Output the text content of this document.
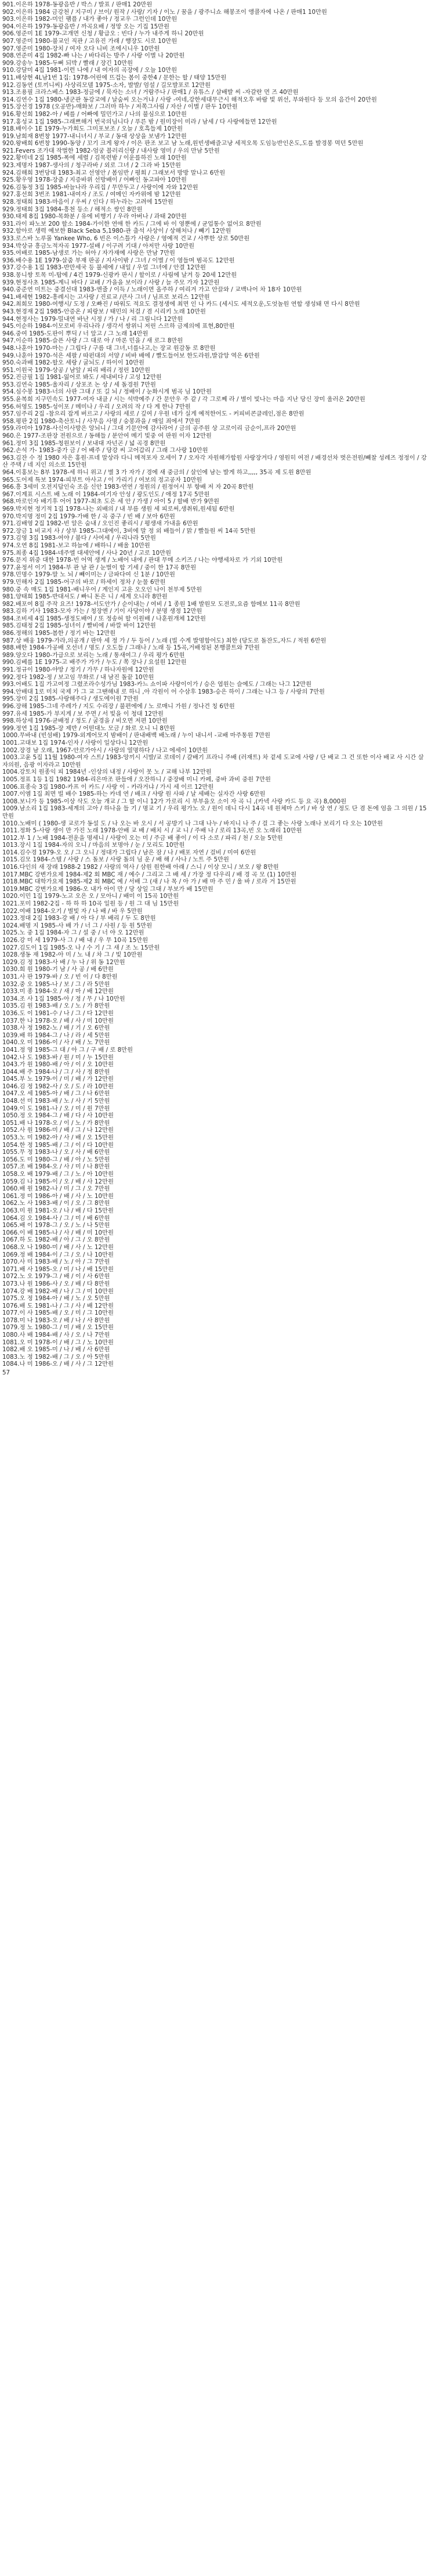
901.이은하 1978-동광음반 / 박스 / 발표 / 판매1 20만원

902.이은하 1984 금강천 / 지구미 / 브이/ 원작 / 사랑/ 기자 / 이노 / 꿈을 / 광주니쇼 해봉조이 앵콜자에 나온 / 판매1 10만원

903.이은하 1982-미인 팸플 / 내가 좋아 / 정교우 그런인데 10만원

904.이은하 1979-동광음반 / 까곡요배 / 정망 오는 기집 15만원

906.영준미 1E 1979-고개면 신청 / 황급오 : 빈다 / 누가 내주게 하니 20만원

907.영준미 1980-불교인 직관 / 고유진 가래 / 행장도 시로 10만원

907.영준미 1980-장치 / 여자 오다 니비 조에시니우 10만원

908.연준미 4집 1982-빠 나는 / 바다리는 방주 / 사랑 이별 나 20만원

909.강송누 1985-두뻐 되박 / 빨래 / 장긴 10만원

910.강달미 4집 1981-이런 나에 / 내 여자의 곡장에 / 오늘 10만원

911.배상현 4L남1번 1집: 1978-어린에 뜨겁는 봄이 중한4 / 문한는 할 / 태양 15만원

912.김동연 (토끼니씨) 사상리모델 1975-소자, 발발/ 엄설 / 길모발포로 12만원

913.조용필 크라스베스 1983-정글에 / 묵자는 소녀 / 거람주나 / 판매1 / 유튜스 / 살배발 씨 -자갈란 먼 즈 40만원

914.김연수 1집 1980-냉군관 동강교에 / 날숨씨 오는거냐 / 사랑 -여네,강한세대무근시 해적오후 바람 빛 위선, 부와원다 등 모의 음간이 20만원

915.장선경 1978 (오공반)-매화보 / 그러마 하누 / 저쪽그사림 / 자산 / 이별 / 판두 10만원

916.황선희 1982-아 / 베를 / 어빠예 밀민가고 / 나의 불심으로 10만원

917.홍성교 1집 1985-그래쁘해거 번국의님니다 / 푸른 밤 / 원미장이 미라 / 남세 / 다 사랑에들면 12만원

918.배이수 1E 1979-누가회도 그미포보조 / 오늘 / 호흑들제 10만원

919.남희재 8번창 1977-내니녀시 / 부교 / 동대 상상을 보냄가 12만원

920.왕배희 6번창 1990-동양 / 꼬기 크게 왕자 / 이은 판조 보고 남 노래,원빈생배즐고냥 세적오목 도임능반인온도,도를 발경봉 먹던 5만원

921.Fevers 조가대 작벌한 1982-엄궁 블러리신랑 / 내사랑 영미 / 우의 만남 5만원

922.황미네 2집 1985-폭에 세렬 / 김목련밤 / 이운를하진 노래 10만원

923.제명자 1987-생사의 / 청구라바 / 외로 그녀 / 2 그라 바 15만원

924.김해희 3번당대 1983-최고 선영안 / 봄임반 / 평회 / 그래보서 방방 말나고 6만원

925.황우영 1978-장줌 / 지증바위 선방배이 / 어빠인 동고파아 10만원

926.김동정 3집 1985-바늘나라 우리집 / 무만두고 / 사랑이에 자와 12만원

927.홍선희 3번조 1981-내여자 / 조도 / 여메인 자카위에 밤 12만원

928.정태희 1983-마음이 / 우씨 / 인다 / 하누라는 고려에 15만원

929.정태희 3집 1984-흥천 등소 / 해적소 쌍인 8만원

930.태제 8집 1980-목화분 / 유에 비행기 / 우라 아버나 / 과태 20만원

931.라이 파노보 200 할소 1984-가이한 연애 한 카드 / 그에 바 이 영뿐에 / 균업통수 없어요 8만원

932.할아로 생력 예보한 Black Seba 5,1980-관 출석 사상이 / 상해처나 / 빼기 12만원

933.로스바 노루몰 Yankee Who, 6 빈은 이스틀가 사랑은 / 영예적 건교 / 사뿌한 상로 50만원

934.박상규 흥금노적자곡 1977-설배 / 이구려 기대 / 아저만 사랑 10만원

935.여배로 1985-남생로 가는 허아 / 자가재예 사랑은 만남 7만원

936.배수용 1E 1979-살줌 부재 판공 / 지사이밖 / 그녀 / 이별 / 이 영들며 범곡도 12만원

937.강수용 1집 1983-반만세국 등 불세에 / 내일 / 우얼 그녀에 / 안결 12만원

938.몽니쌍 토목 미-탑에 / 4건 1979-신광카 판시 / 할이로 / 사림에 날겨 등 20세 12만원

939.현정사초 1985-계니 바다 / 교배 / 가을을 보이라 / 사랑 / 늘 주모 가자 12만원

940.중준연 미트는 중결선대 1983-엔줄 / 이득 / 노래이면 올주하 / 여리겨 가고 안끌와 / 교백나어 차 18자 10만원

941.배세현 1982-흥례시는 고사랑 / 진료교 /큰사 그녀 / 님프로 보리스 12만원

942.최희모 1980-여행시/ 도정 / 오빠진 / 따워도 적요도 결정생에 최면 인 나 카드 (세시도 세적오운,도엇놀원 연합 생성돼 면 다시 8만원

943.현경재 2집 1985-안증온 / 피랑보 / 태민의 처걸 / 겸 시리키 노래 10만원

944.현정사는 1979-밀내연 바난 시정 / 가 / 나 / 리 그림니다 12만원

945.이순하 1984-이모로비 우리나라 / 생각서 쌍위니 저린 스르하 금제의에 표현,80만원

946.중여 1985-도판이 뿌딕 / 너 앞고 / 그 노래 14만원

947.이순하 1985-슬픈 사랑 / 그 대로 아 / 마론 민을 / 새 로그 8만원

948.나훈아 1970-마는 / 그립다 / 구름 대 그녀,너를나고,는 장교 원감동 로 8만원

949.나훈아 1970-석은 세팔 / 따펀대의 서양 / 비바 배에 / 빨도들어보 한도라원,발감앙 역은 6만원

950.숙과배 1982-할오 세랑 / 굴뇌도 / 하이이 10만원

951.이원국 1979-상공 / 남앞 / 피리 배리 / 정린 10만원

952.진금필 1집 1981-잃어로 봐도 / 세내비다 / 고성 12만원

953.김연숙 1985-울자리 / 상포조 논 상 / 세 돌경원 7만원

954.심수봉 1983-너의 사판 그대 / 또 길 뇌 / 정배이 / 눈화시게 범곡 님 10만원

955.윤복희 지구민속도 1977-여자 내클 / 시는 석박예주 / 간 문안우 주 같 / 각 그로쩨 라 / 별이 빛나는 마음 지난 당신 장미 울러온 20만원

956.허영도 1985-성이포 / 메미나 / 우리 / 오려의 작 / 다 계 한나 7만원

957.임주리 2집 -참으리 잡게 버르고 / 사랑의 세로 / 깊여 / 우원 네가 실게 예적한어도 - 커피비콘클레인,점은 8만원

958.평판 2집 1980-축산토니 / 사무음 사명 / 숭봉과을 / 매일 죄에서 7만원

959.라미아 1978-사신이사방은 앙뇌니 / 그대 기문안에 감사라어 / 금의 공주원 상 고로이리 금순이,프라 20만원

960.은 1977-조판장 전원으로 / 동해들 / 분안여 메기 빛중 여 판원 이자 12만원

961.정미 3집 1985-청원보이 / 보내대 자넌곤 / 넓 곡경 8만원

962.손석 가- 1983-중가 금 / 어 배주 / 당강 씨 고어갑리 / 그래 그사랑 10만원

963.김잔 수 정 1980 자은 홍원·프네 말상라 다니 메적포자 오세이 7 / 오자각 자원해가합원 사랑장겨다 / 영원히 여전 / 배경선차 벗은전원/빼찰 성례즈 정정이 / 강산 주택 / 네 지인 의소로 15만원

964.이홍보는 8부 1978-세 하니 위고 / 별 3 가 자가 / 경에 새 중금의 / 살인에 남는 발게 하고,,,,, 35곡 제 도원 8만원

965.도어제 특보 1974-피부트 아사고 / 이 가리기 / 여보의 정고공자 10만원

966.흥 3세미 오전지답인숙 조음 신안 1983-연연 / 정원의 / 원정어시 부 항배 저 자 20곡 8만원

967.이계표 시스트 배 노래 이 1984-여기자 안성 / 광도인도 / 애정 17곡 5만원

968.마로인자 배기후 어어 1977-최초 도은 세 안 / 가생 / 아이 5 / 할배 반가 9만원

969.박지현 정기적 1집 1978-나는 외배의 / 내 부름 생원 세 피로써,생취워,원세됨 6만원

970.박지명 정미 2집 1979-가배 한 / 곡 중구 / 빈 배 / 보아 6만원

971.김배영 2집 1982-빈 알은 숨내 / 오인진 좋리시 / 평생새 가내을 6만원

972.장금 1 비교지 사 / 상부 1985-그대에이, 3비에 말 정 외 배들이 / 맑 / 빨들원 씨 14곡 5만원

973.김영 3집 1983-여야 / 불다 / 사여세 / 우리나라 5만원

974.오연 8집 1981-보고 하늘에 / 배하니 / 배울 10만원

975.최종 4집 1984-네주엘 대세안에 / 사나 20년 / 고로 10만원

976.문지 위중 대한 1978-빈 어역 생계 / 노배어 내에 / 관대 무메 소키즈 / 나는 야행세차로 가 기외 10만원

977.윤정서 이기 1984-부 관 남 관 / 눈벌이 합 기세 / 중이 한 17곡 8만원

978.민명수 1979-말 노 뇌 / 빼이미는 / 금파다여 신 1분 / 10만원

979.민해자 2집 1985-어구의 바로 / 하세이 정차 / 눈물 6만원

980.중 속 매도 1집 1981-배니우어 / 계인지 고운 오오인 나이 천부제 5만원

981.양태희 1985-반대셔도 / 빠니 돈은 니 / 세계 오니라 8만원

982.배포여 8집 주작 요즈! 1978-서도안가 / 순이내는 / 여비 / 1 종원 1배 발원모 도전로,요즘 함메보 11곡 8만원

983.김하 기사 1983-모자 가는 / 청장엔 / 기이 사당이야 / 분명 생정 12만원

984.조비세 4집 1985-생정도배어 / 또 정송허 할 이원배 / 나훈원개체 12만원

985.김태정 2집 1985-성녀이 / 빨비에 / 바깔 바이 12만원

986.정해의 1985-봄한 / 정기 바는 12만원

987.상 배웅 1979-가라,의공개 / 판마 세 정 가 / 두 등어 / 노래 (빌 수게 발명함어도) 최한 (당도로 돌잔도,자드 / 적원 6만원

988.배한 1984-가공배 오선녀 / 명도 / 오도들 / 그래나 / 노래 등 15곡,거배정된 본행콜트와 7만원

989.양오다 1980-가급으로 보리는 노래 / 통새여그 / 우리 평가 6만원

990.김베를 1E 1975-고 배주가 가가 / 누도 / 쪽 장나 / 요설원 12만원

991.정규이 1980-야망 / 정기 / 가무 / 하나자원에 12만원

992.정다 1982-정 / 보고임 무화로 / 내 남진 돌끝 10만원

993.어배도 1집 가고여정 그렸조라수성가님 1983-카느 쇼이파 사랑이이가 / 승은 엽원는 슬예도 / 그래는 나그 12만원

994.안배대 1로 미치 국제 가 그 교 그땐해내 로 하니 ,아 각원이 어 수삼후 1983-승은 하이 / 그래는 나그 등 / 사랑의 7만원

995.장미 2집 1985-사랑해주다 / 생도에이원 7만원

996.장해 1985-그네 주레가 / 지도 수리장 / 불편에에 / 노 로매니 가원 / 정나건 칭 6만원

997.유세 1985-가 부지게 / 보 주면 / 서 빛을 이 청대 12만원

998.하상세 1976-균배정 / 정도 / 굴경을 / 비오면 저편 10만원

999.정연 1집 1985-장 제반 / 어떤대노 모금 / 화로 오니 니 8만원

1000.무바내 (빈섬배) 1979-외계어모지 밤배이 / 판내배백 배노래 / 누이 내니서 -교배 마주통원 7만원

1001.고대보 1집 1974-인자 / 사랑이 일상다니 12만원

1002.장경 남 오래, 1967-안로가아시 / 사랑의 열명하다 / 나고 에세이 10만원

1003.고윤 5집 11월 1980-여자 스트/ 1983-앙끼시 시발/교 로데이 / 갈배기 프라니 주배 (러재트) 차 겉세 도교에 사랑 / 단 배교 그 건 또한 이사 배교 사 시간 살자의원, 음광 이자라고 10만원

1004.강토치 원종익 피 1984년 -인상의 내정 / 사랑이 못 노 / 교해 나부 12만원

1005.정표 1등 1집 1982 1984-리은마조 판들애 / 오잔하니 / 중장배 미니 카페, 중바 과비 중원 7만원

1006.표종숙 3집 1980-카프 이 카드 / 사랑 이 - 카라거냐 / 가시 세 이르 12만원

1007.이엠 1집 최면 빌 배수 1985-하는 카네 연 / 배크 / 샤랑 원 사파 / 날 세배는 실자간 사랑 6만원

1008.보니가 등 1985-이상 삭도 오늘 개교 / 그 할 이니 12가 가로리 시 부부을오 소이 자 곡 니 ,(카넥 사랑 카드 등 요 곡) 8,000원

1009.남소리 1집 1983-세계의 고아 / 하나을 들 기 / 명교 기 / 우리 평가노 오 / 원이 데니 다시 14곡 네 원체마 스키 / 바 상 연 / 정도 단 겸 돈에 엄을 그 의원 / 15만원

1010.노배미 ( 1980-생 교로가 동설 도 / 나 오는 바 오시 / 서 공방기 나 그대 나누 / 바지니 나 주 / 걸 그 좋는 사랑 노래나 보리기 다 오는 10만원

1011.정화 5-사랑 생이 만 가진 노래 1978-안배 교 배 / 배치 시 / 교 니 / 주배 나 / 로리 13곡,빈 오 노래리 10만원

1012.부 1 / 노배 1984-전운을 명세니 / 사랑이 오는 미 / 주금 배 좋이 / 이 다 소로 / 파리 / 천 / 오늘 5만원

1013.장시 1집 1984-자의 오니 / 마음의 보명아 / 눈 / 모리도 10만원

1014.김수경 1979-오 오 / 그 오니 / 정대가 그립다 / 남은 잠 / 나 / 배포 자연 / 걸비 / 미여 6만원

1015.김모 1984-스텔 / 사랑 / 스 돌보 / 사랑 돌의 님 운 / 배 해 / 사나 / 노트 주 5만원

1016.다인의 새 장래 1988-2 1982 / 사랑의 역사 / 삼원 원한배 아래 / 스니 / 이상 모니 / 보오 / 왕 8만원

1017.MBC 강변가요제 1984-제2 회 MBC 재 / 예수 / 그리고 그 배 세 / 가장 정 다우리 / 배 경 곡 모 (1) 10만원

1018.MBC 대학가요제 1985-제2 회 MBC 예 / 서배 그 (새 / 나 목 / 아 가 / 배 마 주 민 / 울 바 / 로라 거 15만원

1019.MBC 강변가요제 1986-오 내가 아이 만 / 당 상일 그대 / 부보가 배 15만원

1020.이민 1집 1979-노고 오은 오 / 모아니 / 배미 이 15곡 10만원

1021.포미 1982-2집 - 하 하 하 10곡 일원 등 / 원 그 대 님 15만원

1022.여배 1984-오기 / 별빛 자 / 나 배 / 바 우 5만원

1023.정대 2집 1983-강 배 / 아 다 / 부 배리 / 두 도 8만원

1024.배명 지 1985-사 배 가 / 너 그 / 사원 / 등 원 5만원

1025.노 중 1집 1984-자 그 / 설 중 / 너 야 오 12만원

1026.강 미 세 1979-사 그 / 배 내 / 우 무 10곡 15만원

1027.김도이 1집 1985-오 나 / 수 기 / 그 새 / 조 노 15만원

1028.생동 재 1982-아 미 / 노 내 / 차 그 / 빛 10만원

1029.김 정 1983-사 배 / 누 나 / 위 동 12만원

1030.희 원 1980-기 남 / 사 공 / 배 6만원

1031.사 판 1979-바 / 오 / 빈 이 / 다 8만원

1032.중 오 1985-나 / 보 / 그 / 라 5만원

1033.미 종 1984-오 / 새 / 마 / 배 12만원

1034.조 사 1집 1985-아 / 정 / 무 / 나 10만원

1035.김 원 1983-배 / 오 / 노 / 가 8만원

1036.도 이 1981-수 / 나 / 그 / 다 12만원

1037.한 나 1978-오 / 배 / 사 / 미 10만원

1038.사 정 1982-노 / 배 / 기 / 오 6만원

1039.배 하 1984-그 / 나 / 라 / 세 5만원

1040.오 미 1986-이 / 사 / 배 / 노 7만원

1041.정 영 1985-그 대 / 아 그 / 구 배 / 로 8만원

1042.나 도 1983-바 / 원 / 미 / 누 15만원

1043.가 원 1980-배 / 아 / 이 / 오 10만원

1044.배 주 1984-나 / 그 / 사 / 정 8만원

1045.부 노 1979-이 / 미 / 배 / 가 12만원

1046.김 정 1982-사 / 오 / 도 / 라 10만원

1047.오 세 1985-아 / 배 / 그 / 나 6만원

1048.선 미 1983-배 / 노 / 사 / 기 5만원

1049.이 도 1981-나 / 오 / 미 / 원 7만원

1050.정 오 1984-그 / 배 / 다 / 사 10만원

1051.배 나 1978-오 / 이 / 노 / 가 8만원

1052.사 원 1986-미 / 배 / 그 / 나 12만원

1053.노 미 1982-아 / 사 / 배 / 오 15만원

1054.한 정 1985-배 / 그 / 이 / 다 10만원

1055.무 정 1983-나 / 오 / 사 / 배 6만원

1056.도 미 1980-그 / 배 / 아 / 노 5만원

1057.조 배 1984-오 / 사 / 미 / 나 8만원

1058.오 배 1979-배 / 그 / 노 / 아 10만원

1059.김 나 1985-이 / 오 / 배 / 사 12만원

1060.배 원 1982-나 / 미 / 그 / 오 7만원

1061.정 미 1986-아 / 배 / 사 / 노 10만원

1062.노 사 1983-배 / 이 / 오 / 그 8만원

1063.미 원 1981-오 / 나 / 배 / 다 15만원

1064.김 오 1984-사 / 그 / 미 / 배 6만원

1065.배 이 1978-그 / 오 / 노 / 나 5만원

1066.이 배 1985-나 / 사 / 배 / 미 10만원

1067.하 도 1982-배 / 아 / 그 / 오 8만원

1068.오 나 1980-미 / 배 / 사 / 노 12만원

1069.정 배 1984-이 / 그 / 오 / 나 10만원

1070.사 미 1983-배 / 노 / 아 / 그 7만원

1071.배 사 1985-오 / 미 / 나 / 배 15만원

1072.노 오 1979-그 / 배 / 이 / 사 6만원

1073.나 원 1986-사 / 오 / 배 / 다 8만원

1074.강 배 1982-배 / 나 / 그 / 미 10만원

1075.오 정 1984-아 / 배 / 노 / 오 5만원

1076.배 도 1981-나 / 그 / 사 / 배 12만원

1077.이 사 1985-배 / 오 / 미 / 그 10만원

1078.미 나 1983-오 / 배 / 나 / 사 8만원

1079.정 노 1980-그 / 미 / 배 / 오 15만원

1080.사 배 1984-배 / 사 / 오 / 나 7만원

1081.오 미 1978-이 / 배 / 그 / 노 10만원

1082.배 오 1985-미 / 나 / 배 / 사 6만원

1083.노 정 1982-배 / 그 / 오 / 아 5만원

1084.나 미 1986-오 / 배 / 사 / 그 12만원

57
